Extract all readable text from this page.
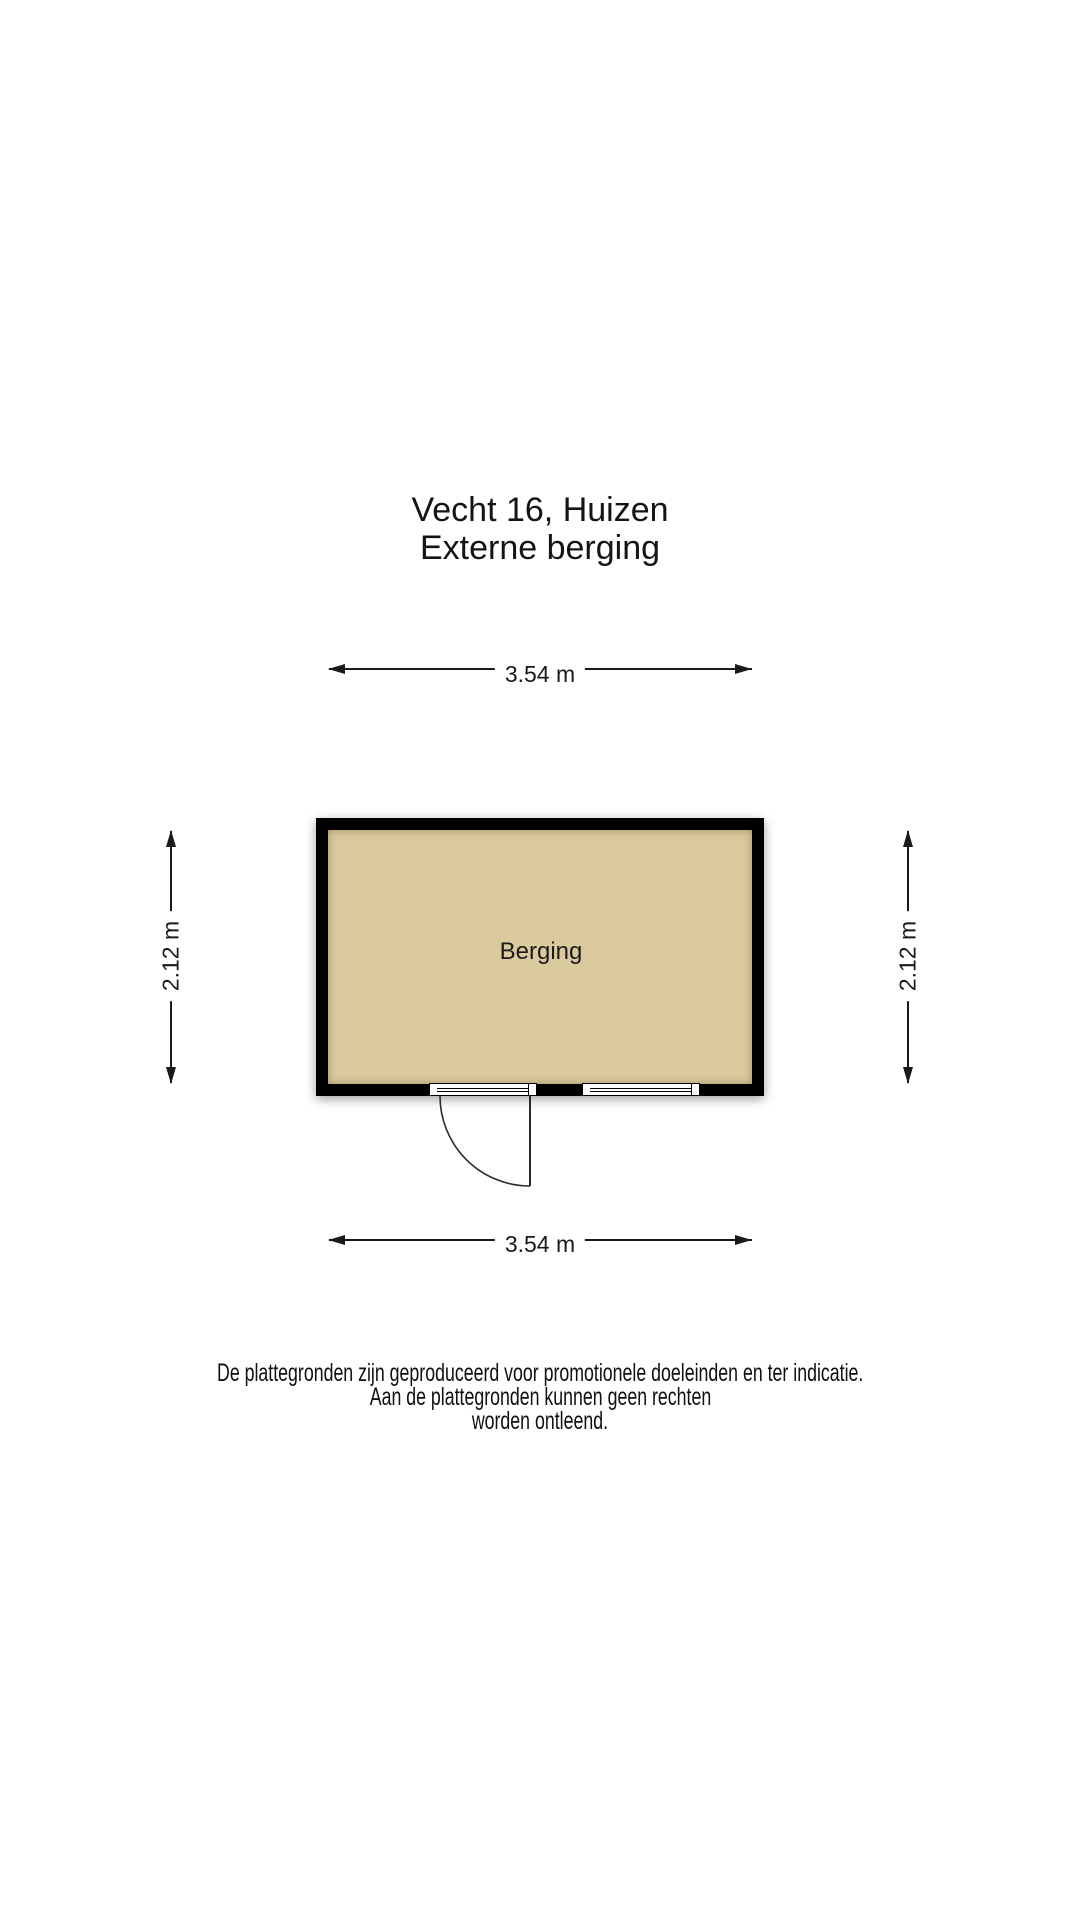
Vecht 16, Huizen
Externe berging
3.54 m
Berging
2.12 m	2.12 m
3.54 m
De plattegronden zijn geproduceerd voor promotionele doeleinden en ter indicatie.
Aan de plattegronden kunnen geen rechten
worden ontleend.
